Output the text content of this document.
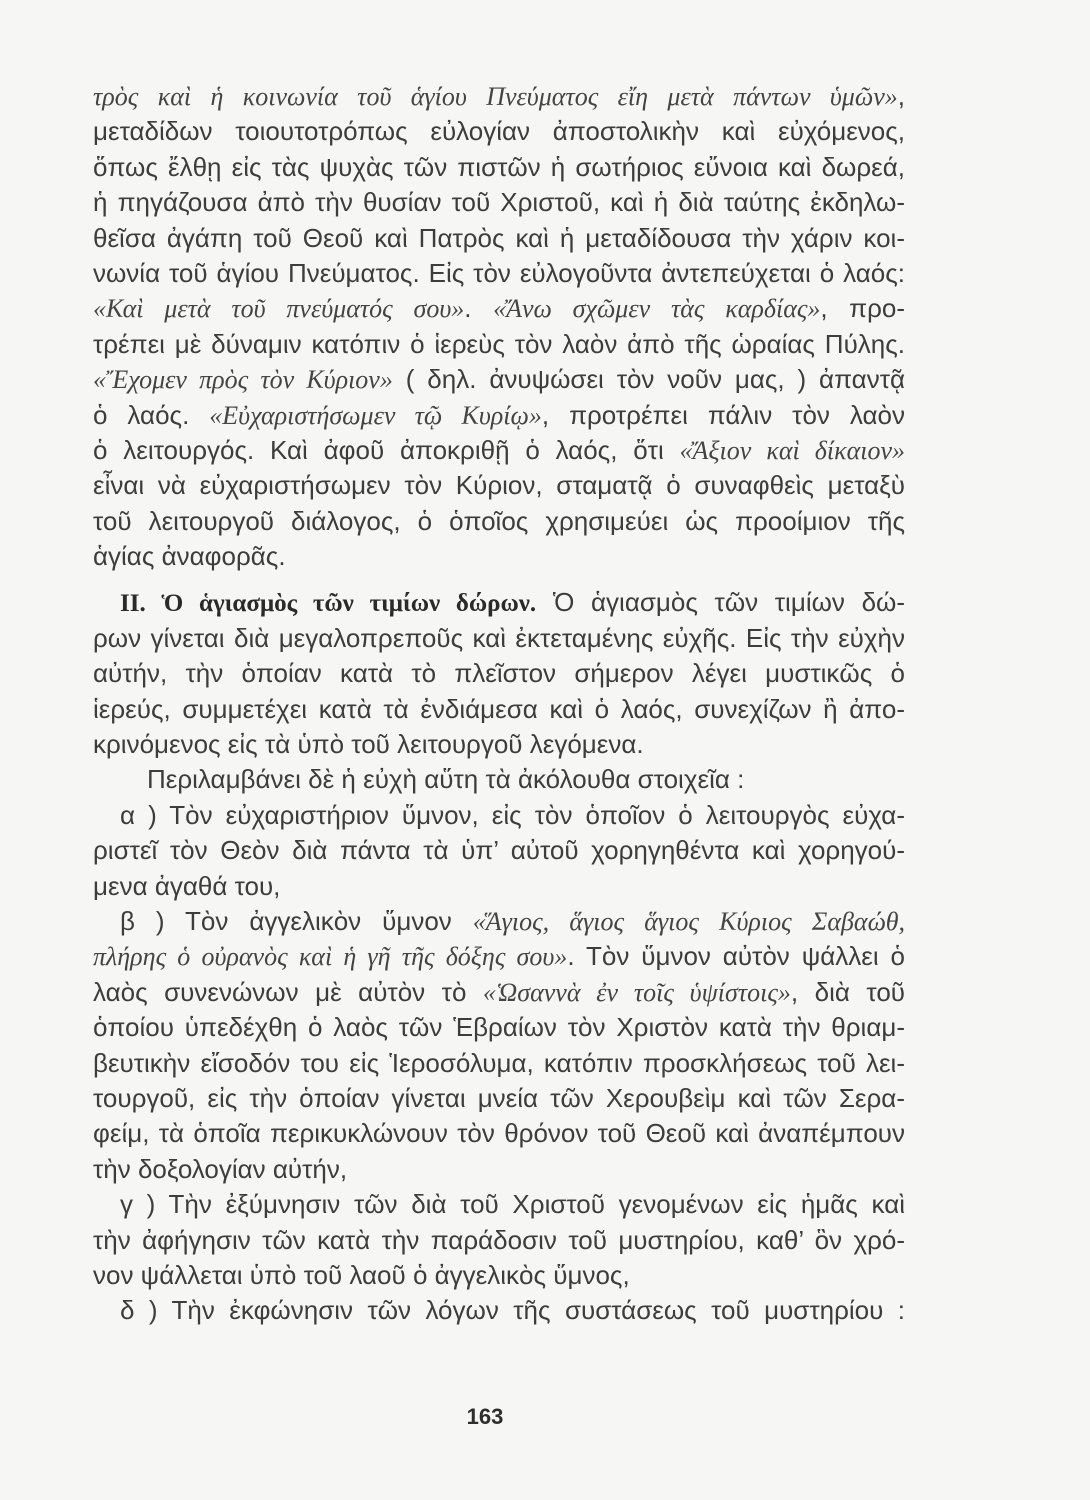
τρὸς καὶ ἡ κοινωνία τοῦ ἁγίου Πνεύματος εἴη μετὰ πάντων ὑμῶν»,
μεταδίδων τοιουτοτρόπως εὐλογίαν ἀποστολικὴν καὶ εὐχόμενος,
ὅπως ἔλθῃ εἰς τὰς ψυχὰς τῶν πιστῶν ἡ σωτήριος εὔνοια καὶ δωρεά,
ἡ πηγάζουσα ἀπὸ τὴν θυσίαν τοῦ Χριστοῦ, καὶ ἡ διὰ ταύτης ἐκδηλω-
θεῖσα ἀγάπη τοῦ Θεοῦ καὶ Πατρὸς καὶ ἡ μεταδίδουσα τὴν χάριν κοι-
νωνία τοῦ ἁγίου Πνεύματος. Εἰς τὸν εὐλογοῦντα ἀντεπεύχεται ὁ λαός:
«Καὶ μετὰ τοῦ πνεύματός σου». «Ἄνω σχῶμεν τὰς καρδίας», προ-
τρέπει μὲ δύναμιν κατόπιν ὁ ἱερεὺς τὸν λαὸν ἀπὸ τῆς ὡραίας Πύλης.
«Ἔχομεν πρὸς τὸν Κύριον» ( δηλ. ἀνυψώσει τὸν νοῦν μας, ) ἀπαντᾷ
ὁ λαός. «Εὐχαριστήσωμεν τῷ Κυρίῳ», προτρέπει πάλιν τὸν λαὸν
ὁ λειτουργός. Καὶ ἀφοῦ ἀποκριθῇ ὁ λαός, ὅτι «Ἄξιον καὶ δίκαιον»
εἶναι νὰ εὐχαριστήσωμεν τὸν Κύριον, σταματᾷ ὁ συναφθεὶς μεταξὺ
τοῦ λειτουργοῦ διάλογος, ὁ ὁποῖος χρησιμεύει ὡς προοίμιον τῆς
ἁγίας ἀναφορᾶς.
II. Ὁ ἁγιασμὸς τῶν τιμίων δώρων. Ὁ ἁγιασμὸς τῶν τιμίων δώ-
ρων γίνεται διὰ μεγαλοπρεποῦς καὶ ἐκτεταμένης εὐχῆς. Εἰς τὴν εὐχὴν
αὐτήν, τὴν ὁποίαν κατὰ τὸ πλεῖστον σήμερον λέγει μυστικῶς ὁ
ἱερεύς, συμμετέχει κατὰ τὰ ἐνδιάμεσα καὶ ὁ λαός, συνεχίζων ἢ ἀπο-
κρινόμενος εἰς τὰ ὑπὸ τοῦ λειτουργοῦ λεγόμενα.
Περιλαμβάνει δὲ ἡ εὐχὴ αὕτη τὰ ἀκόλουθα στοιχεῖα :
α ) Τὸν εὐχαριστήριον ὕμνον, εἰς τὸν ὁποῖον ὁ λειτουργὸς εὐχα-
ριστεῖ τὸν Θεὸν διὰ πάντα τὰ ὑπ’ αὐτοῦ χορηγηθέντα καὶ χορηγού-
μενα ἀγαθά του,
β ) Τὸν ἀγγελικὸν ὕμνον «Ἅγιος, ἅγιος ἅγιος Κύριος Σαβαώθ,
πλήρης ὁ οὐρανὸς καὶ ἡ γῆ τῆς δόξης σου». Τὸν ὕμνον αὐτὸν ψάλλει ὁ
λαὸς συνενώνων μὲ αὐτὸν τὸ «Ὡσαννὰ ἐν τοῖς ὑψίστοις», διὰ τοῦ
ὁποίου ὑπεδέχθη ὁ λαὸς τῶν Ἑβραίων τὸν Χριστὸν κατὰ τὴν θριαμ-
βευτικὴν εἴσοδόν του εἰς Ἱεροσόλυμα, κατόπιν προσκλήσεως τοῦ λει-
τουργοῦ, εἰς τὴν ὁποίαν γίνεται μνεία τῶν Χερουβεὶμ καὶ τῶν Σερα-
φείμ, τὰ ὁποῖα περικυκλώνουν τὸν θρόνον τοῦ Θεοῦ καὶ ἀναπέμπουν
τὴν δοξολογίαν αὐτήν,
γ ) Τὴν ἐξύμνησιν τῶν διὰ τοῦ Χριστοῦ γενομένων εἰς ἡμᾶς καὶ
τὴν ἀφήγησιν τῶν κατὰ τὴν παράδοσιν τοῦ μυστηρίου, καθ’ ὃν χρό-
νον ψάλλεται ὑπὸ τοῦ λαοῦ ὁ ἀγγελικὸς ὕμνος,
δ ) Τὴν ἐκφώνησιν τῶν λόγων τῆς συστάσεως τοῦ μυστηρίου :
163
